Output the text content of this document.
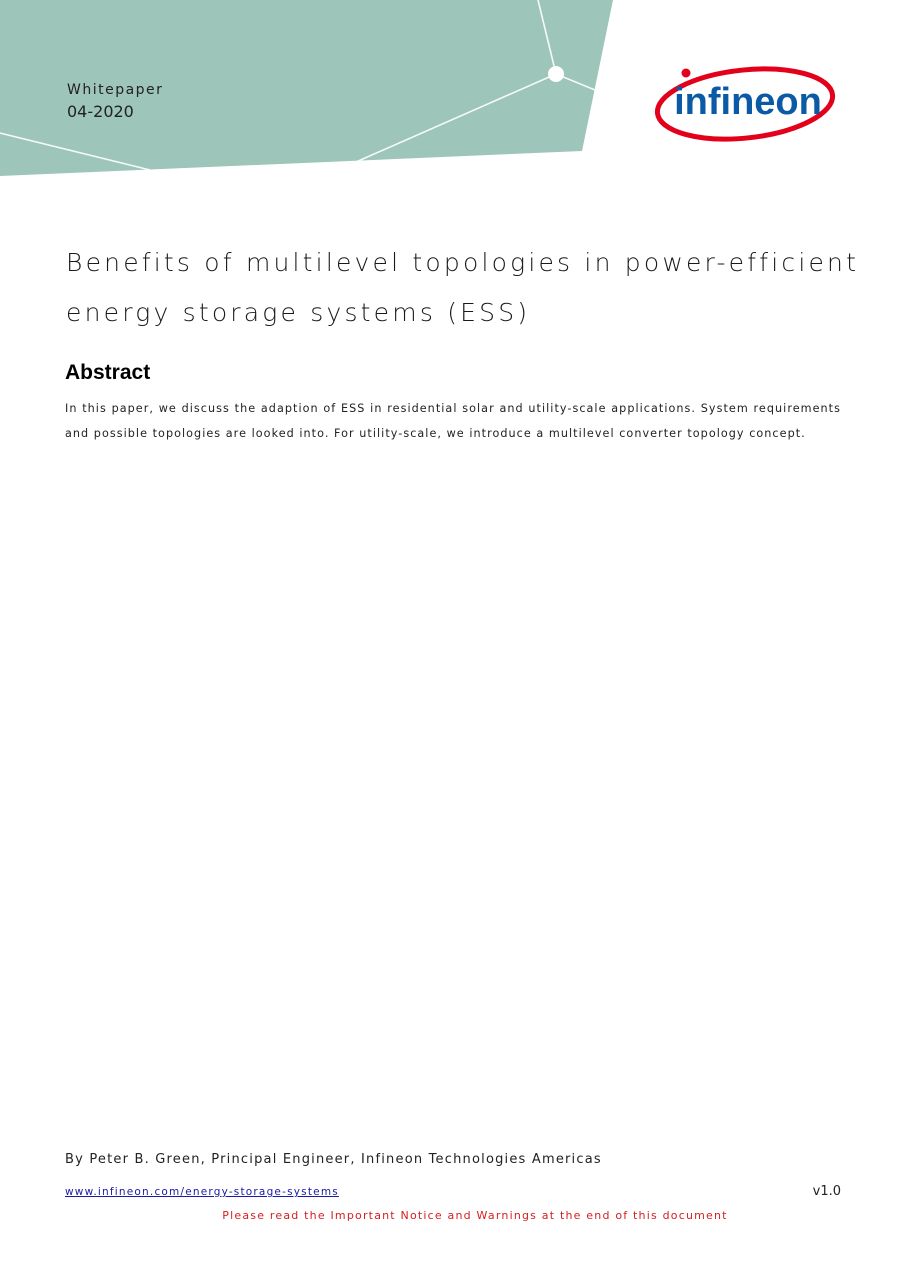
Whitepaper
04-2020	infineon
Benefits of multilevel topologies in power-efficient energy storage systems (ESS)
Abstract

In this paper, we discuss the adaption of ESS in residential solar and utility-scale applications. System requirements and possible topologies are looked into. For utility-scale, we introduce a multilevel converter topology concept.

By Peter B. Green, Principal Engineer, Infineon Technologies Americas
www.infineon.com/energy-storage-systems	v1.0
Please read the Important Notice and Warnings at the end of this document
